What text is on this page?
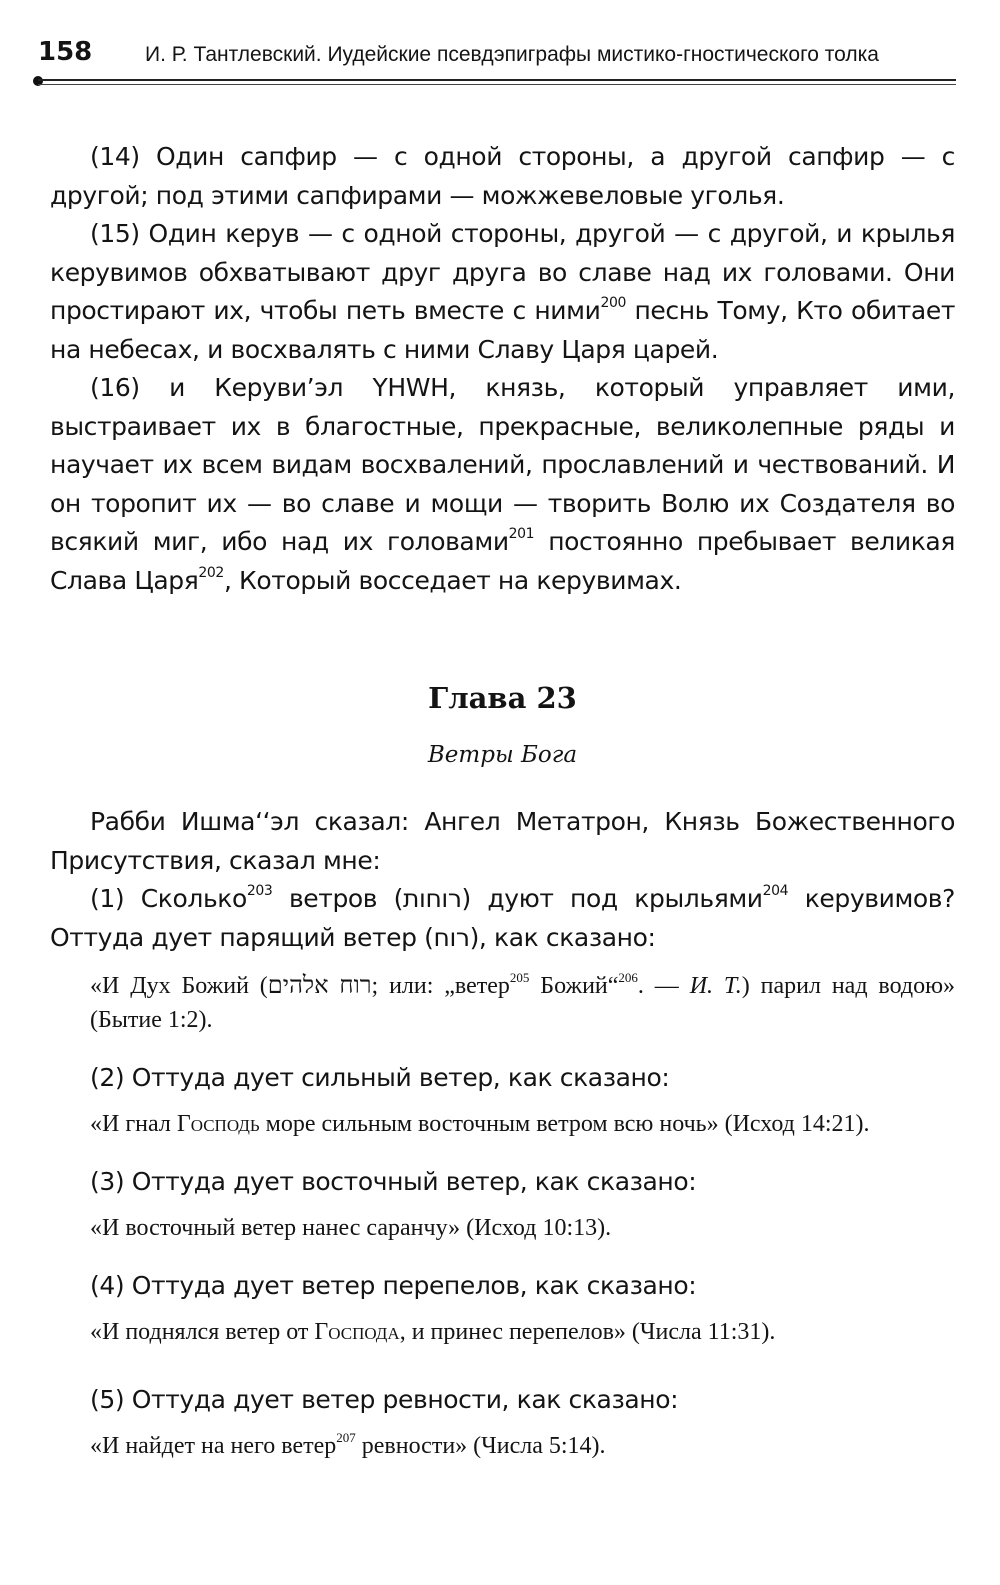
158	И. Р. Тантлевский. Иудейские псевдэпиграфы мистико-гностического толка

(14) Один сапфир — с одной стороны, а другой сапфир — с другой; под этими сапфирами — можжевеловые уголья.

(15) Один керув — с одной стороны, другой — с другой, и крылья керувимов обхватывают друг друга во славе над их головами. Они простирают их, чтобы петь вместе с ними$^{200}$ песнь Тому, Кто обитает на небесах, и восхвалять с ними Славу Царя царей.

(16) и Керуви’эл YHWH, князь, который управляет ими, выстраивает их в благостные, прекрасные, великолепные ряды и научает их всем видам восхвалений, прославлений и чествований. И он торопит их — во славе и мощи — творить Волю их Создателя во всякий миг, ибо над их головами$^{201}$ постоянно пребывает великая Слава Царя$^{202}$, Который восседает на керувимах.

Глава 23
Ветры Бога

Рабби Ишма‘‘эл сказал: Ангел Метатрон, Князь Божественного Присутствия, сказал мне:

(1) Сколько$^{203}$ ветров (רוחות) дуют под крыльями$^{204}$ керувимов? Оттуда дует парящий ветер (רוח), как сказано:

«И Дух Божий (רוח אלהים; или: „ветер$^{205}$ Божий“$^{206}$. — И. Т.) парил над водою» (Бытие 1:2).

(2) Оттуда дует сильный ветер, как сказано:

«И гнал Господь море сильным восточным ветром всю ночь» (Исход 14:21).

(3) Оттуда дует восточный ветер, как сказано:

«И восточный ветер нанес саранчу» (Исход 10:13).

(4) Оттуда дует ветер перепелов, как сказано:

«И поднялся ветер от Господа, и принес перепелов» (Числа 11:31).

(5) Оттуда дует ветер ревности, как сказано:

«И найдет на него ветер$^{207}$ ревности» (Числа 5:14).
